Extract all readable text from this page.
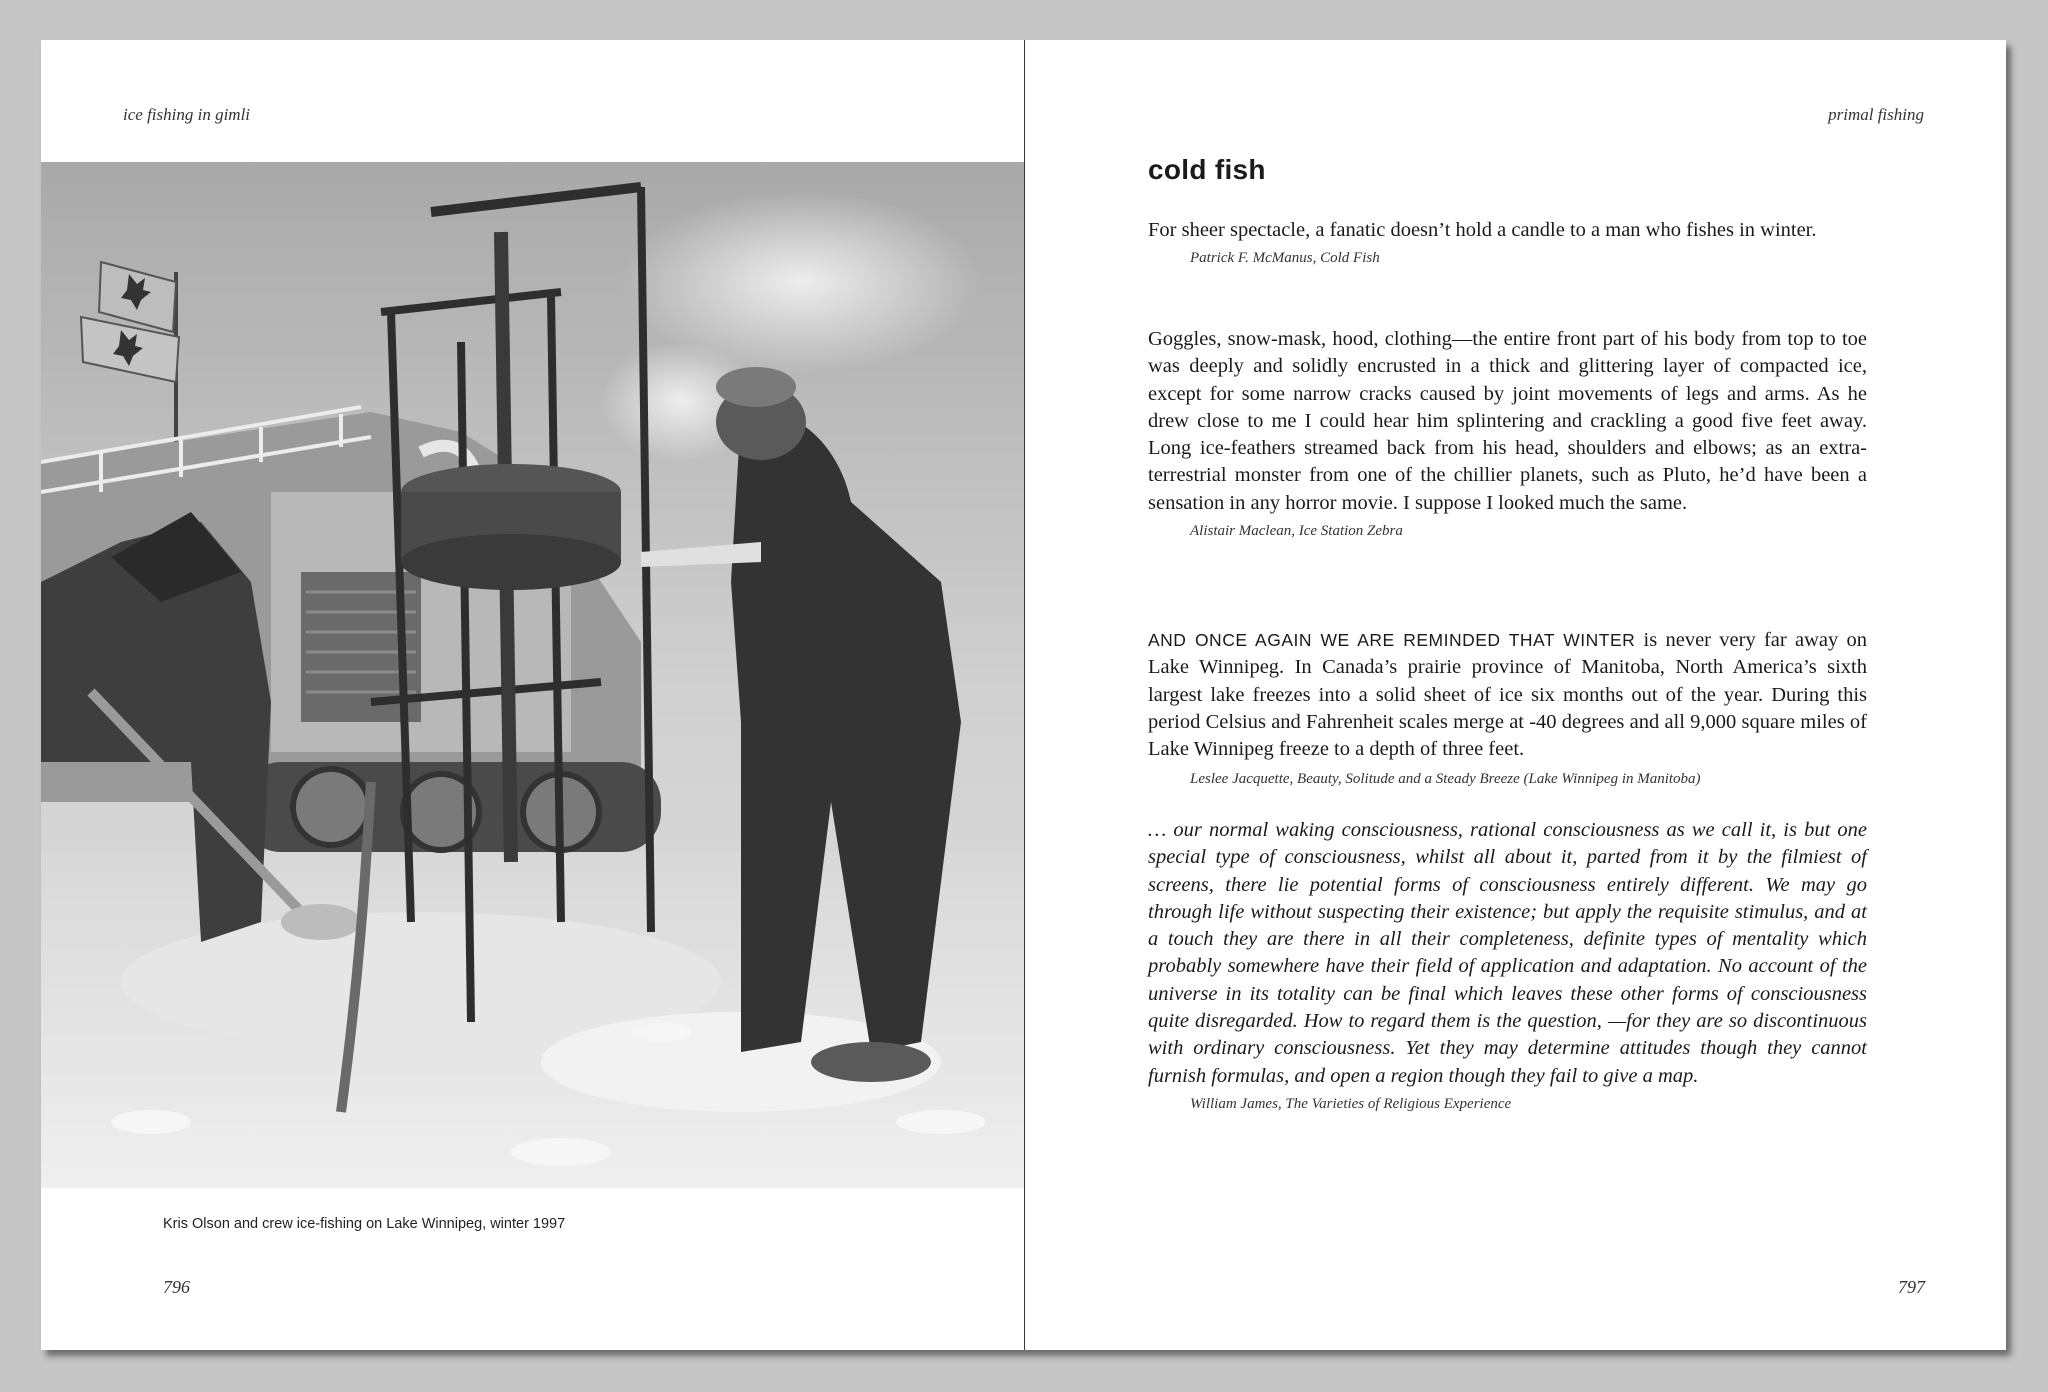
ice fishing in gimli
Kris Olson and crew ice-fishing on Lake Winnipeg, winter 1997
796
primal fishing
cold fish

For sheer spectacle, a fanatic doesn’t hold a candle to a man who fishes in winter.

Patrick F. McManus, Cold Fish

Goggles, snow-mask, hood, clothing—the entire front part of his body from top to toe was deeply and solidly encrusted in a thick and glittering layer of compacted ice, except for some narrow cracks caused by joint movements of legs and arms. As he drew close to me I could hear him splintering and crackling a good five feet away. Long ice-feathers streamed back from his head, shoulders and elbows; as an extra-terrestrial monster from one of the chillier planets, such as Pluto, he’d have been a sensation in any horror movie. I suppose I looked much the same.

Alistair Maclean, Ice Station Zebra

AND ONCE AGAIN WE ARE REMINDED THAT WINTER is never very far away on Lake Winnipeg. In Canada’s prairie province of Manitoba, North America’s sixth largest lake freezes into a solid sheet of ice six months out of the year. During this period Celsius and Fahrenheit scales merge at -40 degrees and all 9,000 square miles of Lake Winnipeg freeze to a depth of three feet.

Leslee Jacquette, Beauty, Solitude and a Steady Breeze (Lake Winnipeg in Manitoba)

… our normal waking consciousness, rational consciousness as we call it, is but one special type of consciousness, whilst all about it, parted from it by the filmiest of screens, there lie potential forms of consciousness entirely different. We may go through life without suspecting their existence; but apply the requisite stimulus, and at a touch they are there in all their completeness, definite types of mentality which probably somewhere have their field of application and adaptation. No account of the universe in its totality can be final which leaves these other forms of consciousness quite disregarded. How to regard them is the question, —for they are so discontinuous with ordinary consciousness. Yet they may determine attitudes though they cannot furnish formulas, and open a region though they fail to give a map.

William James, The Varieties of Religious Experience

797
